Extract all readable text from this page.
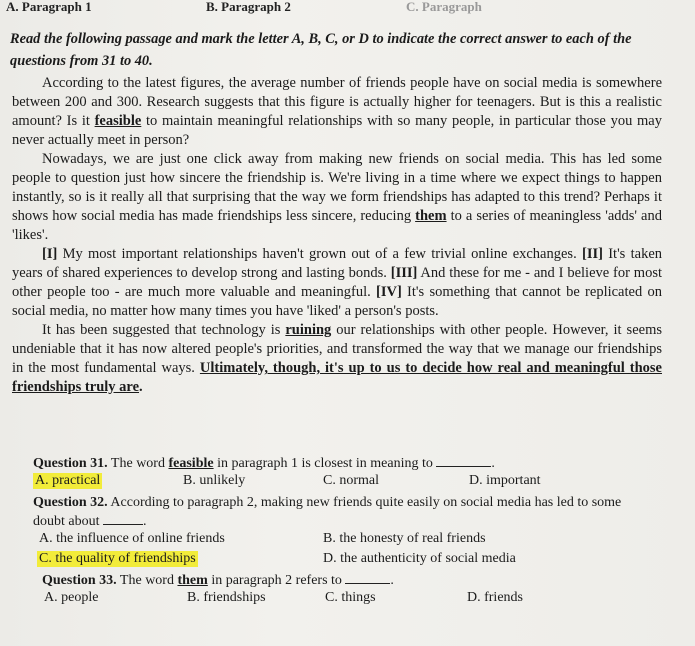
A. Paragraph 1	B. Paragraph 2	C. Paragraph
Read the following passage and mark the letter A, B, C, or D to indicate the correct answer to each of the questions from 31 to 40.

According to the latest figures, the average number of friends people have on social media is somewhere between 200 and 300. Research suggests that this figure is actually higher for teenagers. But is this a realistic amount? Is it feasible to maintain meaningful relationships with so many people, in particular those you may never actually meet in person?

Nowadays, we are just one click away from making new friends on social media. This has led some people to question just how sincere the friendship is. We're living in a time where we expect things to happen instantly, so is it really all that surprising that the way we form friendships has adapted to this trend? Perhaps it shows how social media has made friendships less sincere, reducing them to a series of meaningless 'adds' and 'likes'.

[I] My most important relationships haven't grown out of a few trivial online exchanges. [II] It's taken years of shared experiences to develop strong and lasting bonds. [III] And these for me - and I believe for most other people too - are much more valuable and meaningful. [IV] It's something that cannot be replicated on social media, no matter how many times you have 'liked' a person's posts.

It has been suggested that technology is ruining our relationships with other people. However, it seems undeniable that it has now altered people's priorities, and transformed the way that we manage our friendships in the most fundamental ways. Ultimately, though, it's up to us to decide how real and meaningful those friendships truly are.

Question 31. The word feasible in paragraph 1 is closest in meaning to	.
A. practical	B. unlikely	C. normal	D. important
Question 32. According to paragraph 2, making new friends quite easily on social media has led to some doubt about	.
A. the influence of online friends	B. the honesty of real friends
C. the quality of friendships	D. the authenticity of social media
Question 33. The word them in paragraph 2 refers to	.
A. people	B. friendships	C. things	D. friends
